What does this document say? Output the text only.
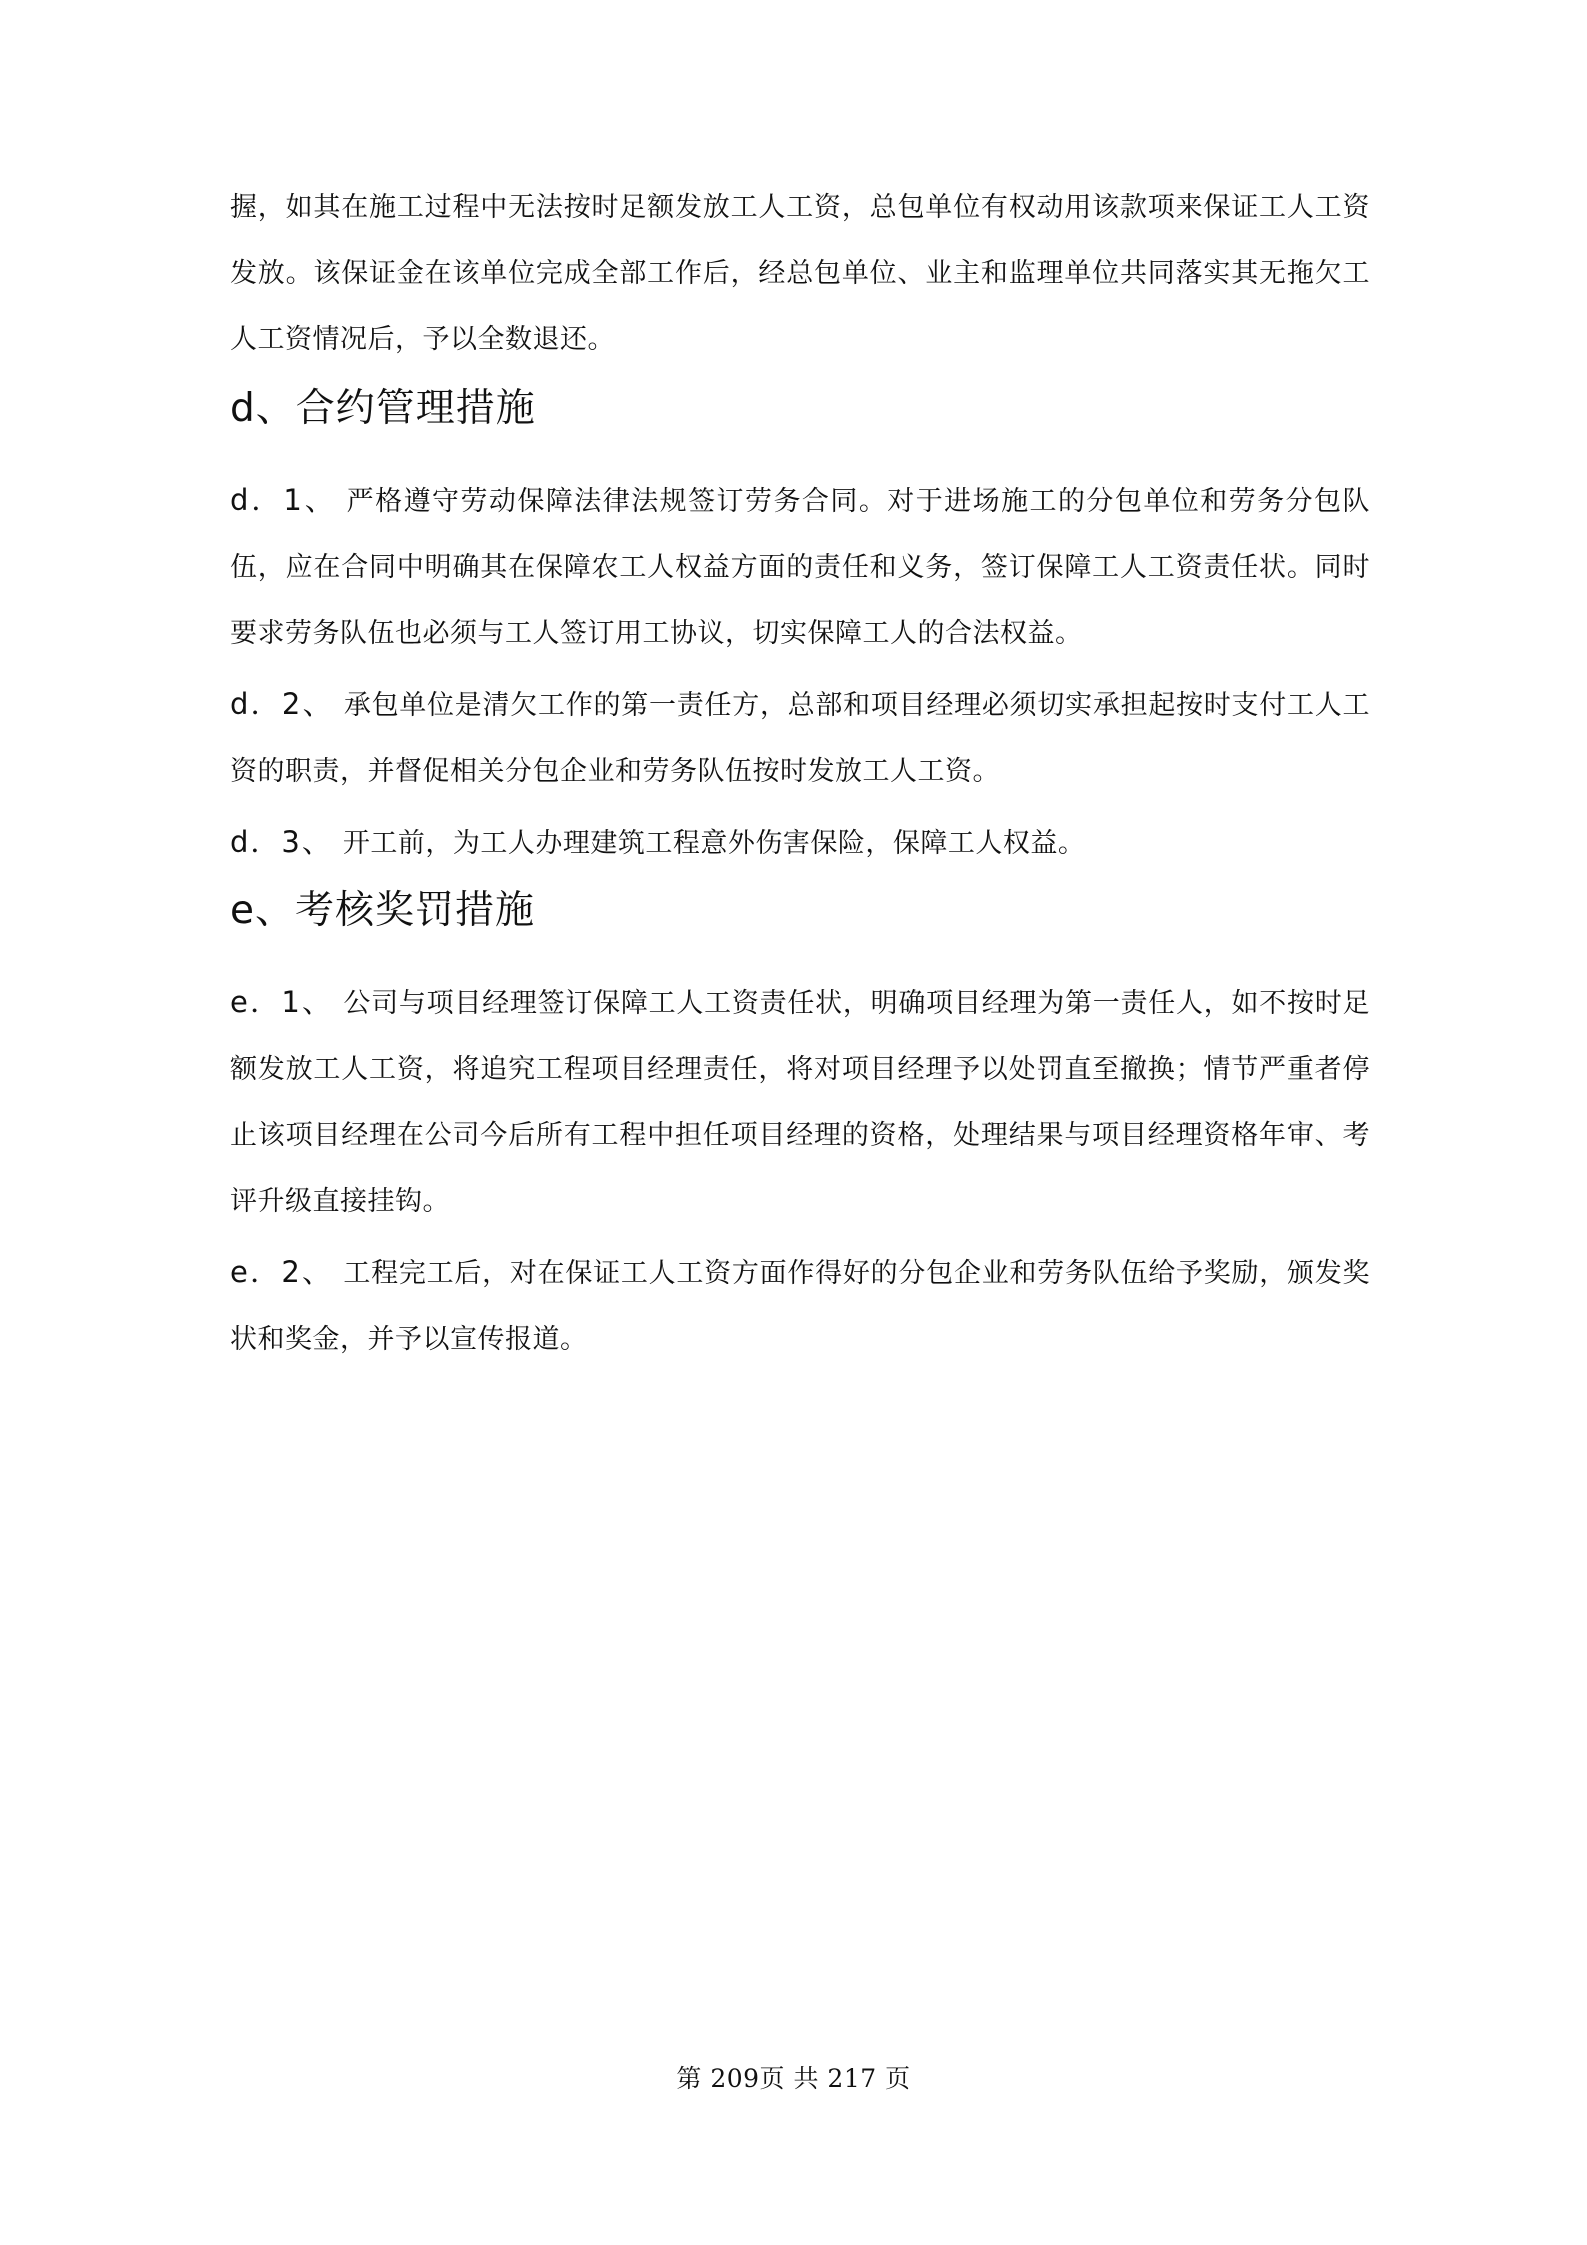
握，如其在施工过程中无法按时足额发放工人工资，总包单位有权动用该款项来保证工人工资发放。该保证金在该单位完成全部工作后，经总包单位、业主和监理单位共同落实其无拖欠工人工资情况后，予以全数退还。

d、合约管理措施

d．1、 严格遵守劳动保障法律法规签订劳务合同。对于进场施工的分包单位和劳务分包队伍，应在合同中明确其在保障农工人权益方面的责任和义务，签订保障工人工资责任状。同时要求劳务队伍也必须与工人签订用工协议，切实保障工人的合法权益。

d．2、 承包单位是清欠工作的第一责任方，总部和项目经理必须切实承担起按时支付工人工资的职责，并督促相关分包企业和劳务队伍按时发放工人工资。

d．3、 开工前，为工人办理建筑工程意外伤害保险，保障工人权益。

e、考核奖罚措施

e．1、 公司与项目经理签订保障工人工资责任状，明确项目经理为第一责任人，如不按时足额发放工人工资，将追究工程项目经理责任，将对项目经理予以处罚直至撤换；情节严重者停止该项目经理在公司今后所有工程中担任项目经理的资格，处理结果与项目经理资格年审、考评升级直接挂钩。

e．2、 工程完工后，对在保证工人工资方面作得好的分包企业和劳务队伍给予奖励，颁发奖状和奖金，并予以宣传报道。

第 209页 共 217 页
